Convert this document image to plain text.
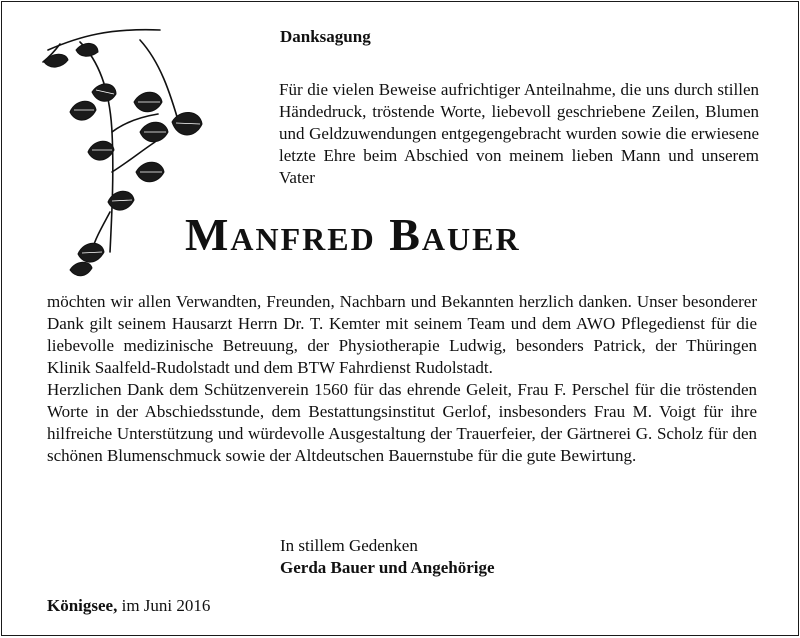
Danksagung

Für die vielen Beweise aufrichtiger Anteilnahme, die uns durch stillen Händedruck, tröstende Worte, liebevoll geschriebene Zeilen, Blumen und Geldzuwendungen entgegengebracht wurden sowie die erwiesene letzte Ehre beim Abschied von meinem lieben Mann und unserem Vater

Manfred Bauer

möchten wir allen Verwandten, Freunden, Nachbarn und Bekannten herzlich danken. Unser besonderer Dank gilt seinem Hausarzt Herrn Dr. T. Kemter mit seinem Team und dem AWO Pflegedienst für die liebevolle medizinische Betreuung, der Physiotherapie Ludwig, besonders Patrick, der Thüringen Klinik Saalfeld-Rudolstadt und dem BTW Fahrdienst Rudolstadt.

Herzlichen Dank dem Schützenverein 1560 für das ehrende Geleit, Frau F. Perschel für die tröstenden Worte in der Abschiedsstunde, dem Bestattungsinstitut Gerlof, insbesonders Frau M. Voigt für ihre hilfreiche Unterstützung und würdevolle Ausgestaltung der Trauerfeier, der Gärtnerei G. Scholz für den schönen Blumenschmuck sowie der Altdeutschen Bauernstube für die gute Bewirtung.

In stillem Gedenken
Gerda Bauer und Angehörige
Königsee, im Juni 2016
